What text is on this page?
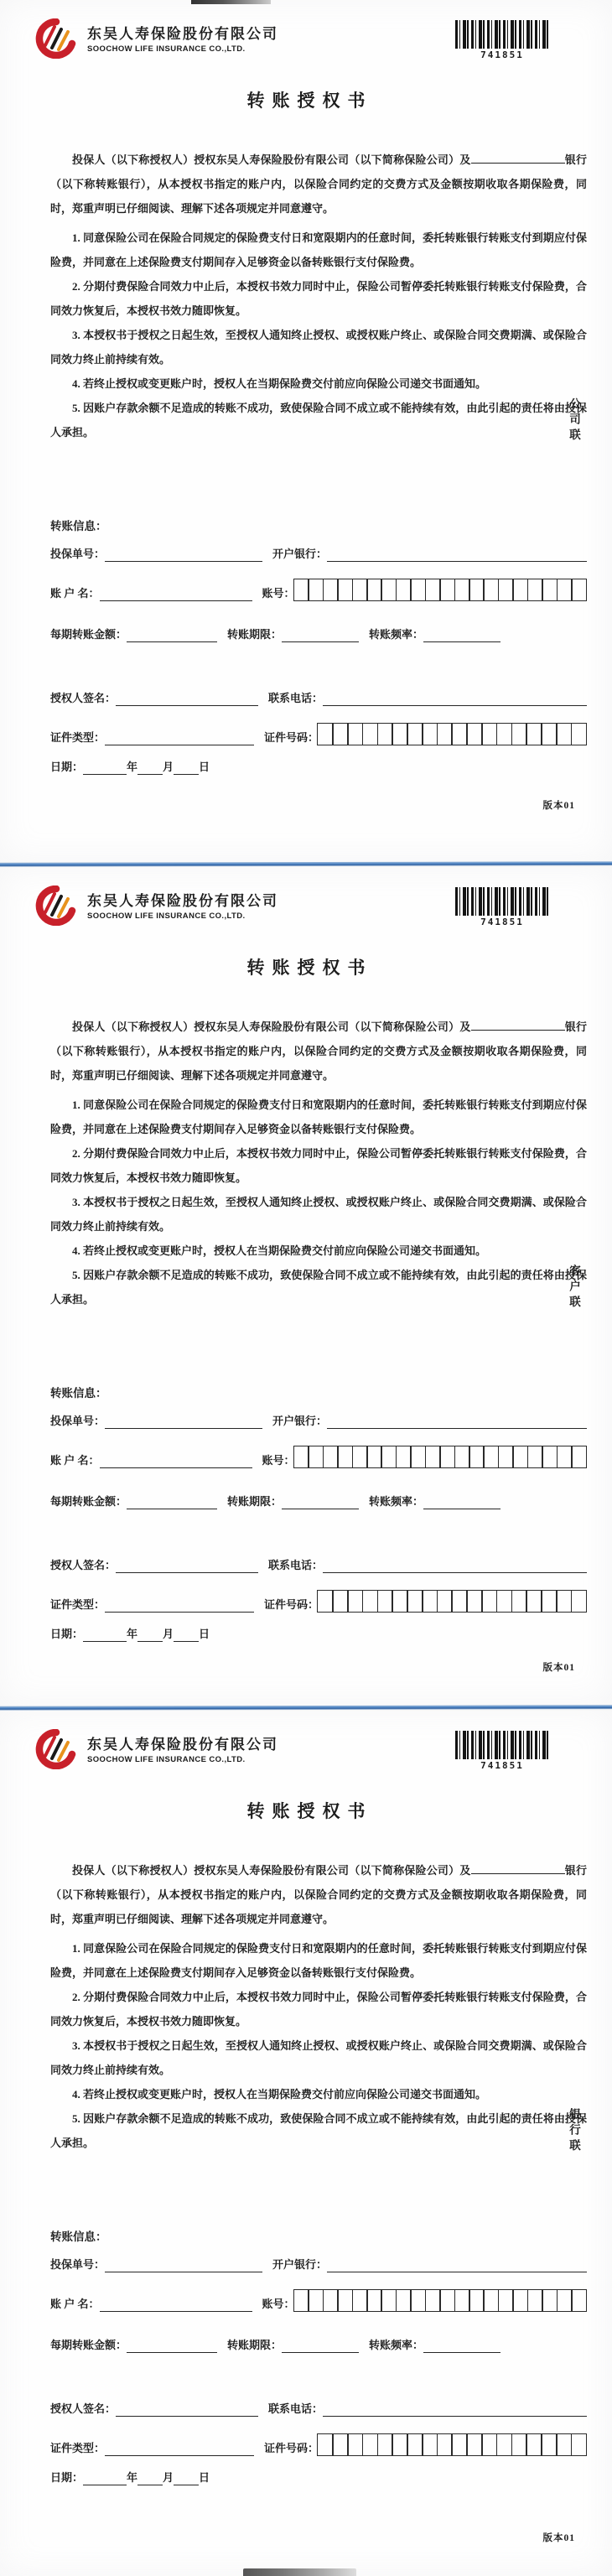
东吴人寿保险股份有限公司
SOOCHOW LIFE INSURANCE CO.,LTD.
741851
转账授权书

投保人（以下称授权人）授权东吴人寿保险股份有限公司（以下简称保险公司）及	银行（以下称转账银行），从本授权书指定的账户内，以保险合同约定的交费方式及金额按期收取各期保险费，同时，郑重声明已仔细阅读、理解下述各项规定并同意遵守。

1. 同意保险公司在保险合同规定的保险费支付日和宽限期内的任意时间，委托转账银行转账支付到期应付保险费，并同意在上述保险费支付期间存入足够资金以备转账银行支付保险费。

2. 分期付费保险合同效力中止后，本授权书效力同时中止，保险公司暂停委托转账银行转账支付保险费，合同效力恢复后，本授权书效力随即恢复。

3. 本授权书于授权之日起生效，至授权人通知终止授权、或授权账户终止、或保险合同交费期满、或保险合同效力终止前持续有效。

4. 若终止授权或变更账户时，授权人在当期保险费交付前应向保险公司递交书面通知。

5. 因账户存款余额不足造成的转账不成功，致使保险合同不成立或不能持续有效，由此引起的责任将由投保人承担。	公司联
转账信息：
投保单号：	开户银行：
账 户 名：	账号：
每期转账金额：	转账期限：	转账频率：
授权人签名：	联系电话：
证件类型：	证件号码：
日期：	年 月 日
版本01
东吴人寿保险股份有限公司
SOOCHOW LIFE INSURANCE CO.,LTD.
741851
转账授权书

投保人（以下称授权人）授权东吴人寿保险股份有限公司（以下简称保险公司）及	银行（以下称转账银行），从本授权书指定的账户内，以保险合同约定的交费方式及金额按期收取各期保险费，同时，郑重声明已仔细阅读、理解下述各项规定并同意遵守。

1. 同意保险公司在保险合同规定的保险费支付日和宽限期内的任意时间，委托转账银行转账支付到期应付保险费，并同意在上述保险费支付期间存入足够资金以备转账银行支付保险费。

2. 分期付费保险合同效力中止后，本授权书效力同时中止，保险公司暂停委托转账银行转账支付保险费，合同效力恢复后，本授权书效力随即恢复。

3. 本授权书于授权之日起生效，至授权人通知终止授权、或授权账户终止、或保险合同交费期满、或保险合同效力终止前持续有效。

4. 若终止授权或变更账户时，授权人在当期保险费交付前应向保险公司递交书面通知。

5. 因账户存款余额不足造成的转账不成功，致使保险合同不成立或不能持续有效，由此引起的责任将由投保人承担。	客户联
转账信息：
投保单号：	开户银行：
账 户 名：	账号：
每期转账金额：	转账期限：	转账频率：
授权人签名：	联系电话：
证件类型：	证件号码：
日期：	年 月 日
版本01
东吴人寿保险股份有限公司
SOOCHOW LIFE INSURANCE CO.,LTD.
741851
转账授权书

投保人（以下称授权人）授权东吴人寿保险股份有限公司（以下简称保险公司）及	银行（以下称转账银行），从本授权书指定的账户内，以保险合同约定的交费方式及金额按期收取各期保险费，同时，郑重声明已仔细阅读、理解下述各项规定并同意遵守。

1. 同意保险公司在保险合同规定的保险费支付日和宽限期内的任意时间，委托转账银行转账支付到期应付保险费，并同意在上述保险费支付期间存入足够资金以备转账银行支付保险费。

2. 分期付费保险合同效力中止后，本授权书效力同时中止，保险公司暂停委托转账银行转账支付保险费，合同效力恢复后，本授权书效力随即恢复。

3. 本授权书于授权之日起生效，至授权人通知终止授权、或授权账户终止、或保险合同交费期满、或保险合同效力终止前持续有效。

4. 若终止授权或变更账户时，授权人在当期保险费交付前应向保险公司递交书面通知。

5. 因账户存款余额不足造成的转账不成功，致使保险合同不成立或不能持续有效，由此引起的责任将由投保人承担。	银行联
转账信息：
投保单号：	开户银行：
账 户 名：	账号：
每期转账金额：	转账期限：	转账频率：
授权人签名：	联系电话：
证件类型：	证件号码：
日期：	年 月 日
版本01
